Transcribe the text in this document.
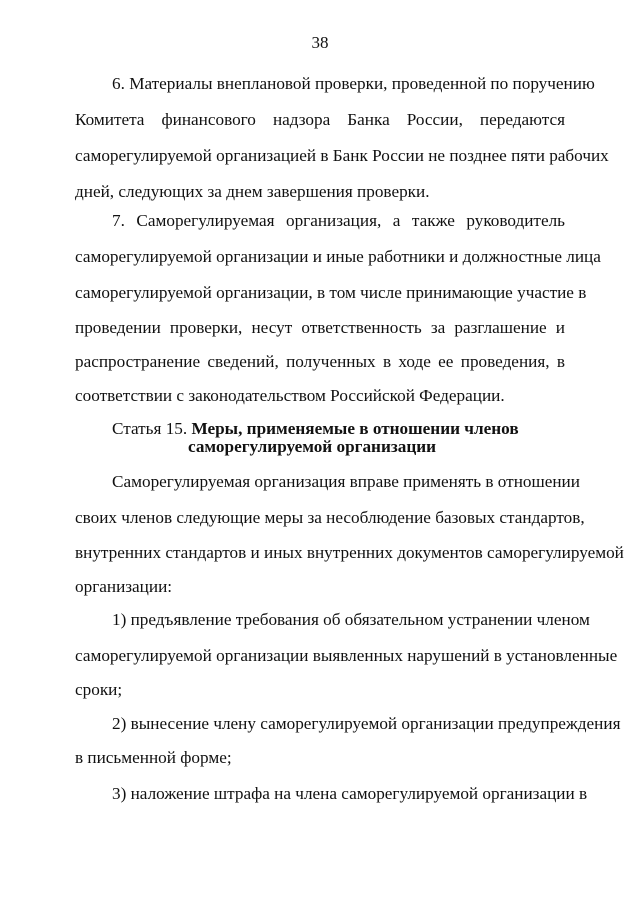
38
6. Материалы внеплановой проверки, проведенной по поручению
Комитета финансового надзора Банка России, передаются
саморегулируемой организацией в Банк России не позднее пяти рабочих
дней, следующих за днем завершения проверки.
7. Саморегулируемая организация, а также руководитель
саморегулируемой организации и иные работники и должностные лица
саморегулируемой организации, в том числе принимающие участие в
проведении проверки, несут ответственность за разглашение и
распространение сведений, полученных в ходе ее проведения, в
соответствии с законодательством Российской Федерации.
Статья 15. Меры, применяемые в отношении членов
саморегулируемой организации
Саморегулируемая организация вправе применять в отношении
своих членов следующие меры за несоблюдение базовых стандартов,
внутренних стандартов и иных внутренних документов саморегулируемой
организации:
1) предъявление требования об обязательном устранении членом
саморегулируемой организации выявленных нарушений в установленные
сроки;
2) вынесение члену саморегулируемой организации предупреждения
в письменной форме;
3) наложение штрафа на члена саморегулируемой организации в
